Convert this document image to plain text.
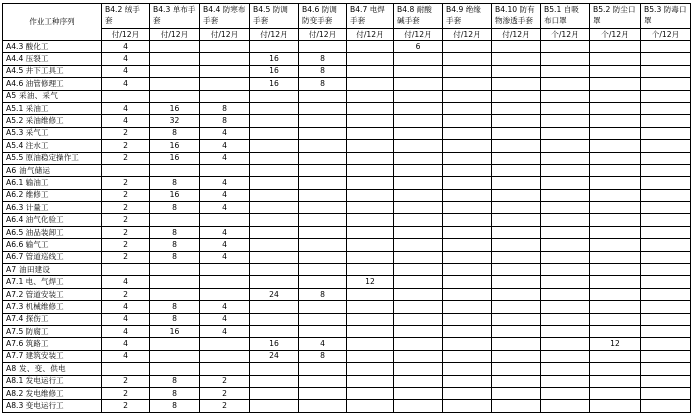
作业工种序列	B4.2 绒手套	B4.3 单布手套	B4.4 防寒布手套	B4.5 防调手套	B4.6 防调防变手套	B4.7 电焊手套	B4.8 耐酸碱手套	B4.9 绝缘手套	B4.10 防有物渗透手套	B5.1 自吸布口罩	B5.2 防尘口罩	B5.3 防毒口罩
	付/12月	付/12月	付/12月	付/12月	付/12月	付/12月	付/12月	付/12月	付/12月	个/12月	个/12月	个/12月
A4.3 酸化工	4						6					
A4.4 压裂工	4			16	8							
A4.5 井下工具工	4			16	8							
A4.6 油管修理工	4			16	8							
A5 采油、采气												
A5.1 采油工	4	16	8									
A5.2 采油维修工	4	32	8									
A5.3 采气工	2	8	4									
A5.4 注水工	2	16	4									
A5.5 原油稳定操作工	2	16	4									
A6 油气储运												
A6.1 输油工	2	8	4									
A6.2 维修工	2	16	4									
A6.3 计量工	2	8	4									
A6.4 油气化验工	2											
A6.5 油品装卸工	2	8	4									
A6.6 输气工	2	8	4									
A6.7 管道巡线工	2	8	4									
A7 油田建设												
A7.1 电、气焊工	4					12						
A7.2 管道安装工	2			24	8							
A7.3 机械维修工	4	8	4									
A7.4 探伤工	4	8	4									
A7.5 防腐工	4	16	4									
A7.6 筑路工	4			16	4						12	
A7.7 建筑安装工	4			24	8							
A8 发、变、供电												
A8.1 发电运行工	2	8	2									
A8.2 发电维修工	2	8	2									
A8.3 变电运行工	2	8	2									
